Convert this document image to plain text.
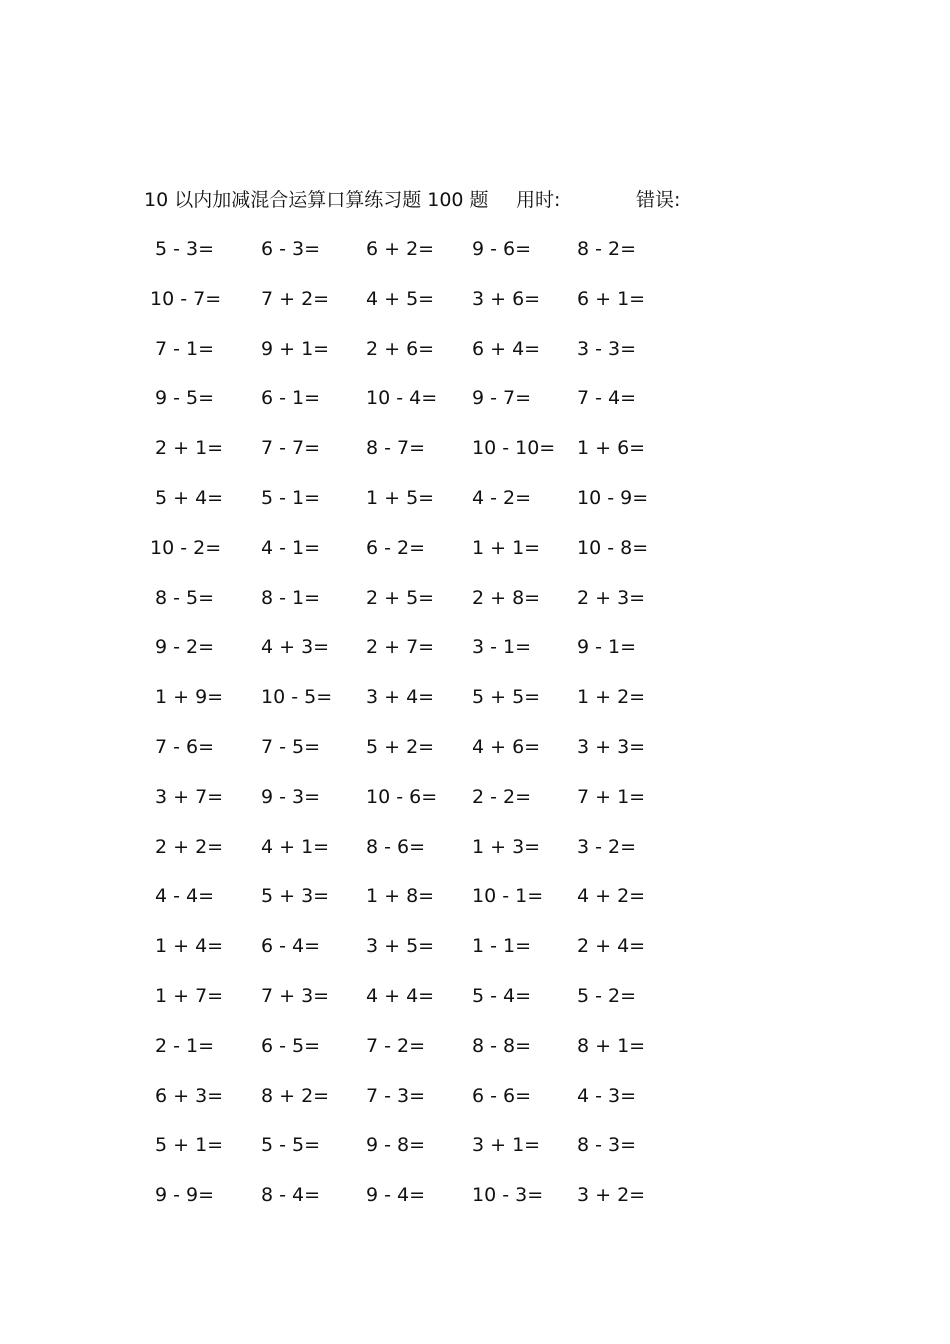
10 以内加减混合运算口算练习题 100 题 用时:	错误:
5 - 3= 6 - 3= 6 + 2= 9 - 6= 8 - 2=
10 - 7= 7 + 2= 4 + 5= 3 + 6= 6 + 1=
7 - 1= 9 + 1= 2 + 6= 6 + 4= 3 - 3=
9 - 5= 6 - 1= 10 - 4= 9 - 7= 7 - 4=
2 + 1= 7 - 7= 8 - 7= 10 - 10= 1 + 6=
5 + 4= 5 - 1= 1 + 5= 4 - 2= 10 - 9=
10 - 2= 4 - 1= 6 - 2= 1 + 1= 10 - 8=
8 - 5= 8 - 1= 2 + 5= 2 + 8= 2 + 3=
9 - 2= 4 + 3= 2 + 7= 3 - 1= 9 - 1=
1 + 9= 10 - 5= 3 + 4= 5 + 5= 1 + 2=
7 - 6= 7 - 5= 5 + 2= 4 + 6= 3 + 3=
3 + 7= 9 - 3= 10 - 6= 2 - 2= 7 + 1=
2 + 2= 4 + 1= 8 - 6= 1 + 3= 3 - 2=
4 - 4= 5 + 3= 1 + 8= 10 - 1= 4 + 2=
1 + 4= 6 - 4= 3 + 5= 1 - 1= 2 + 4=
1 + 7= 7 + 3= 4 + 4= 5 - 4= 5 - 2=
2 - 1= 6 - 5= 7 - 2= 8 - 8= 8 + 1=
6 + 3= 8 + 2= 7 - 3= 6 - 6= 4 - 3=
5 + 1= 5 - 5= 9 - 8= 3 + 1= 8 - 3=
9 - 9= 8 - 4= 9 - 4= 10 - 3= 3 + 2=
